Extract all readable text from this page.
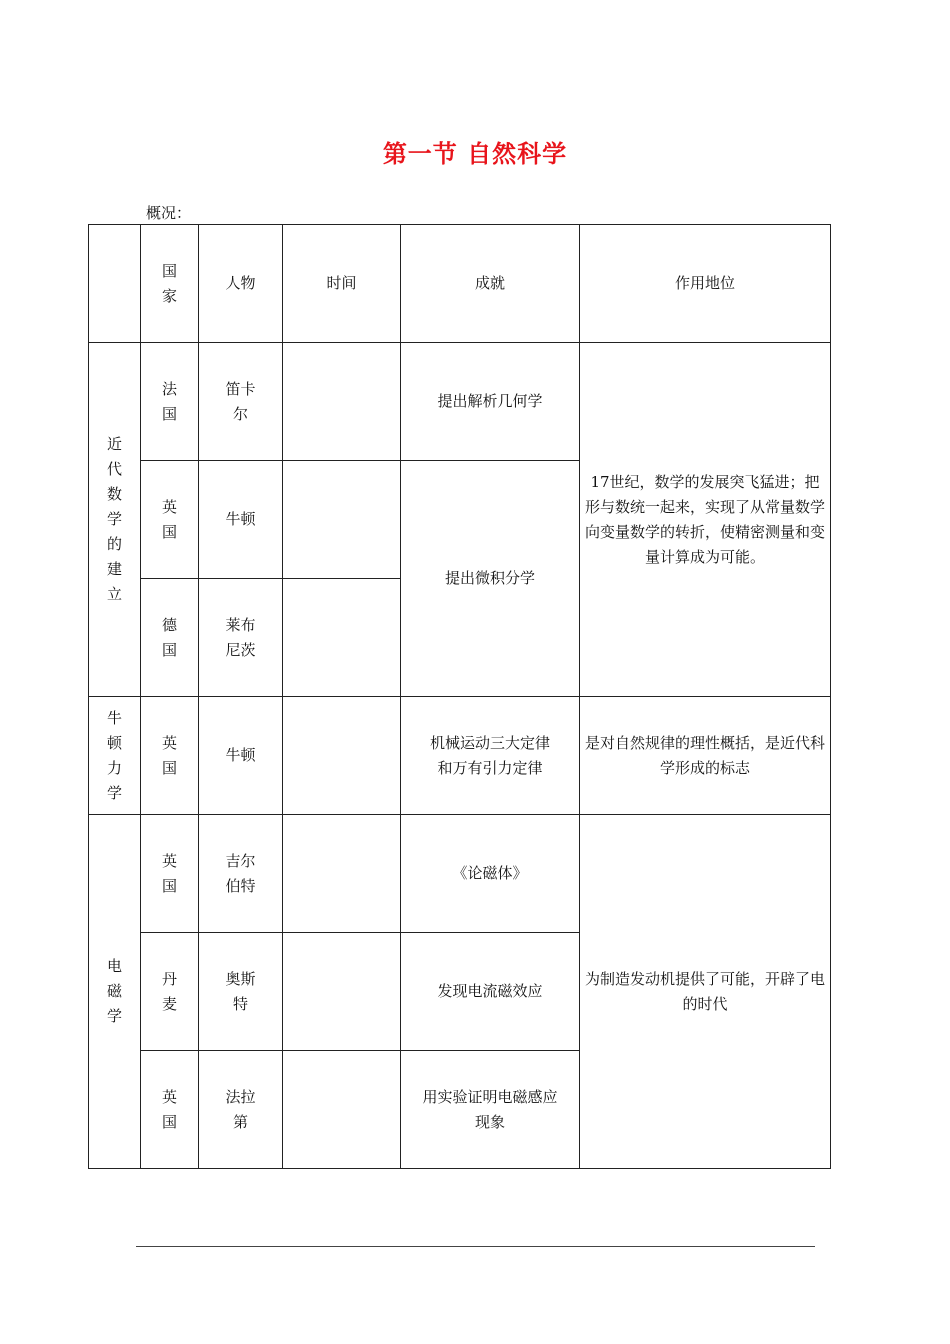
第一节 自然科学
概况：
	国家	人物	时间	成就	作用地位
近代数学的建立	法国	笛卡尔		提出解析几何学	17世纪，数学的发展突飞猛进；把形与数统一起来，实现了从常量数学向变量数学的转折，使精密测量和变量计算成为可能。
	英国	牛顿		提出微积分学	
	德国	莱布尼茨			
牛顿力学	英国	牛顿		机械运动三大定律和万有引力定律	是对自然规律的理性概括，是近代科学形成的标志
电磁学	英国	吉尔伯特		《论磁体》	为制造发动机提供了可能，开辟了电的时代
	丹麦	奥斯特		发现电流磁效应	
	英国	法拉第		用实验证明电磁感应现象	
